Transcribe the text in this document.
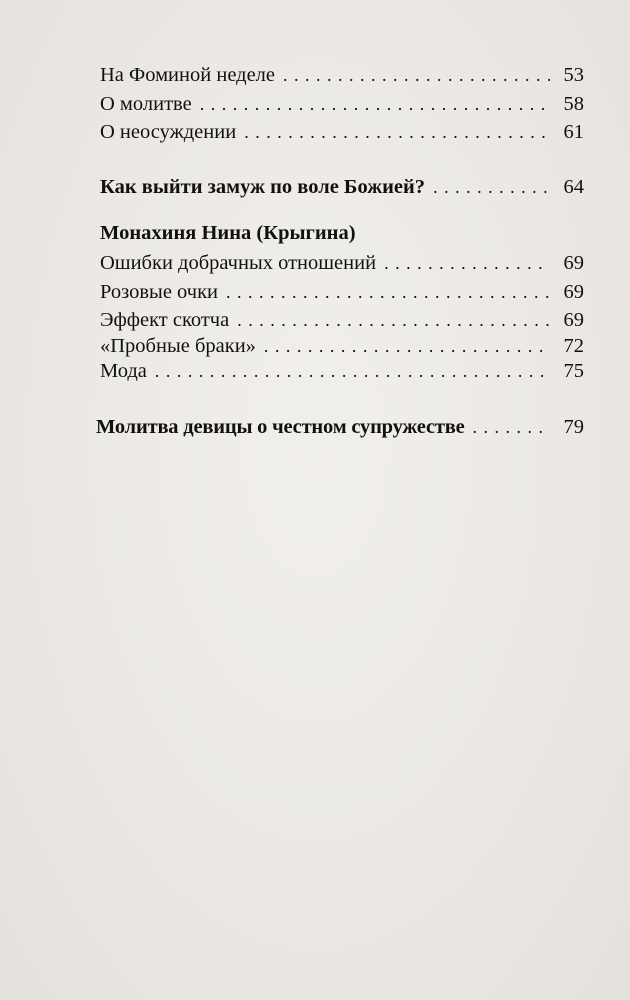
На Фоминой неделе . . .	53
О молитве . . .	58
О неосуждении . . .	61
Как выйти замуж по воле Божией? . . .	64
Монахиня Нина (Крыгина)
Ошибки добрачных отношений . . .	69
Розовые очки . . .	69
Эффект скотча . . .	69
«Пробные браки» . . .	72
Мода . . .	75
Молитва девицы о честном супружестве . . .	79
